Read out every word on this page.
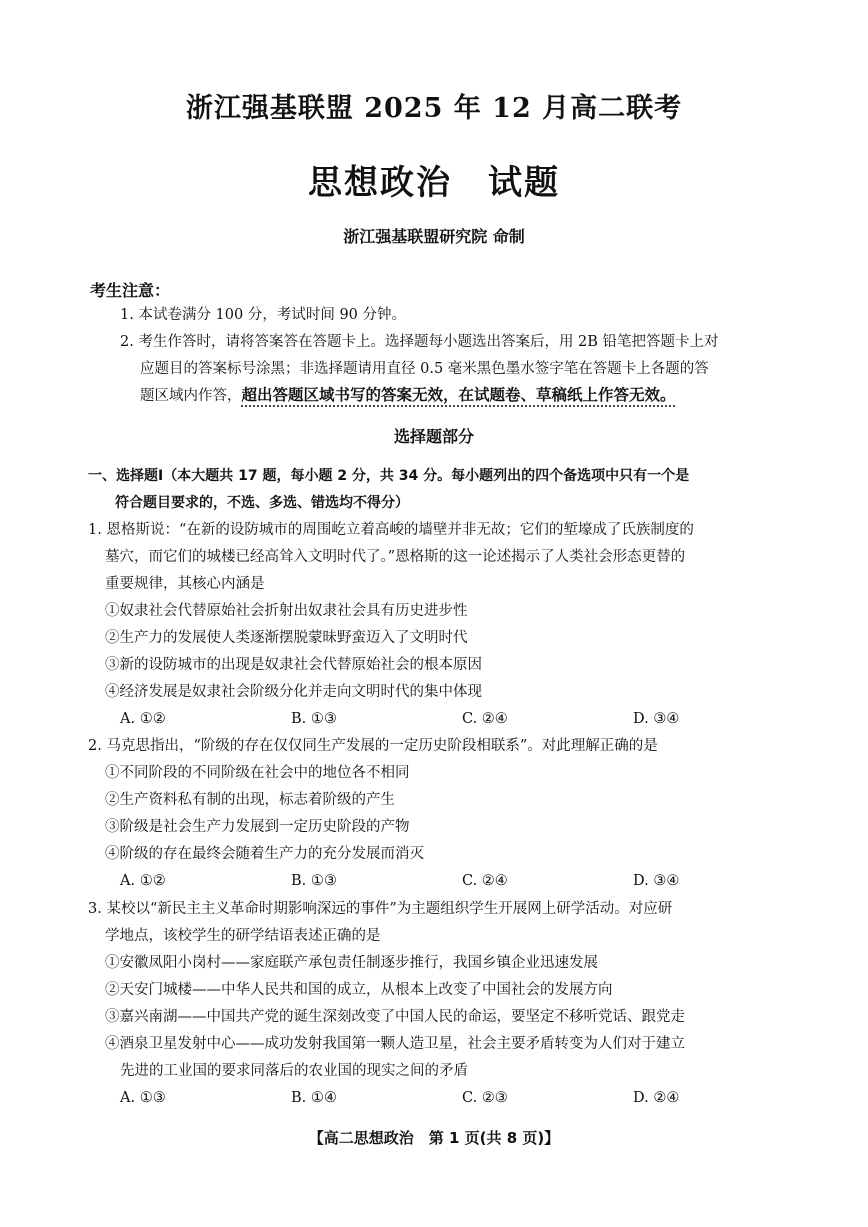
浙江强基联盟 2025 年 12 月高二联考
思想政治　试题
浙江强基联盟研究院 命制
考生注意：
1. 本试卷满分 100 分，考试时间 90 分钟。
2. 考生作答时，请将答案答在答题卡上。选择题每小题选出答案后，用 2B 铅笔把答题卡上对
应题目的答案标号涂黑；非选择题请用直径 0.5 毫米黑色墨水签字笔在答题卡上各题的答
题区域内作答，超出答题区域书写的答案无效，在试题卷、草稿纸上作答无效。
选择题部分
一、选择题Ⅰ（本大题共 17 题，每小题 2 分，共 34 分。每小题列出的四个备选项中只有一个是
符合题目要求的，不选、多选、错选均不得分）
1. 恩格斯说：“在新的设防城市的周围屹立着高峻的墙壁并非无故；它们的堑壕成了氏族制度的
墓穴，而它们的城楼已经高耸入文明时代了。”恩格斯的这一论述揭示了人类社会形态更替的
重要规律，其核心内涵是
①奴隶社会代替原始社会折射出奴隶社会具有历史进步性
②生产力的发展使人类逐渐摆脱蒙昧野蛮迈入了文明时代
③新的设防城市的出现是奴隶社会代替原始社会的根本原因
④经济发展是奴隶社会阶级分化并走向文明时代的集中体现
A. ①②	B. ①③	C. ②④	D. ③④
2. 马克思指出，“阶级的存在仅仅同生产发展的一定历史阶段相联系”。对此理解正确的是
①不同阶段的不同阶级在社会中的地位各不相同
②生产资料私有制的出现，标志着阶级的产生
③阶级是社会生产力发展到一定历史阶段的产物
④阶级的存在最终会随着生产力的充分发展而消灭
A. ①②	B. ①③	C. ②④	D. ③④
3. 某校以“新民主主义革命时期影响深远的事件”为主题组织学生开展网上研学活动。对应研
学地点，该校学生的研学结语表述正确的是
①安徽凤阳小岗村——家庭联产承包责任制逐步推行，我国乡镇企业迅速发展
②天安门城楼——中华人民共和国的成立，从根本上改变了中国社会的发展方向
③嘉兴南湖——中国共产党的诞生深刻改变了中国人民的命运，要坚定不移听党话、跟党走
④酒泉卫星发射中心——成功发射我国第一颗人造卫星，社会主要矛盾转变为人们对于建立
先进的工业国的要求同落后的农业国的现实之间的矛盾
A. ①③	B. ①④	C. ②③	D. ②④
【高二思想政治　第 1 页(共 8 页)】
